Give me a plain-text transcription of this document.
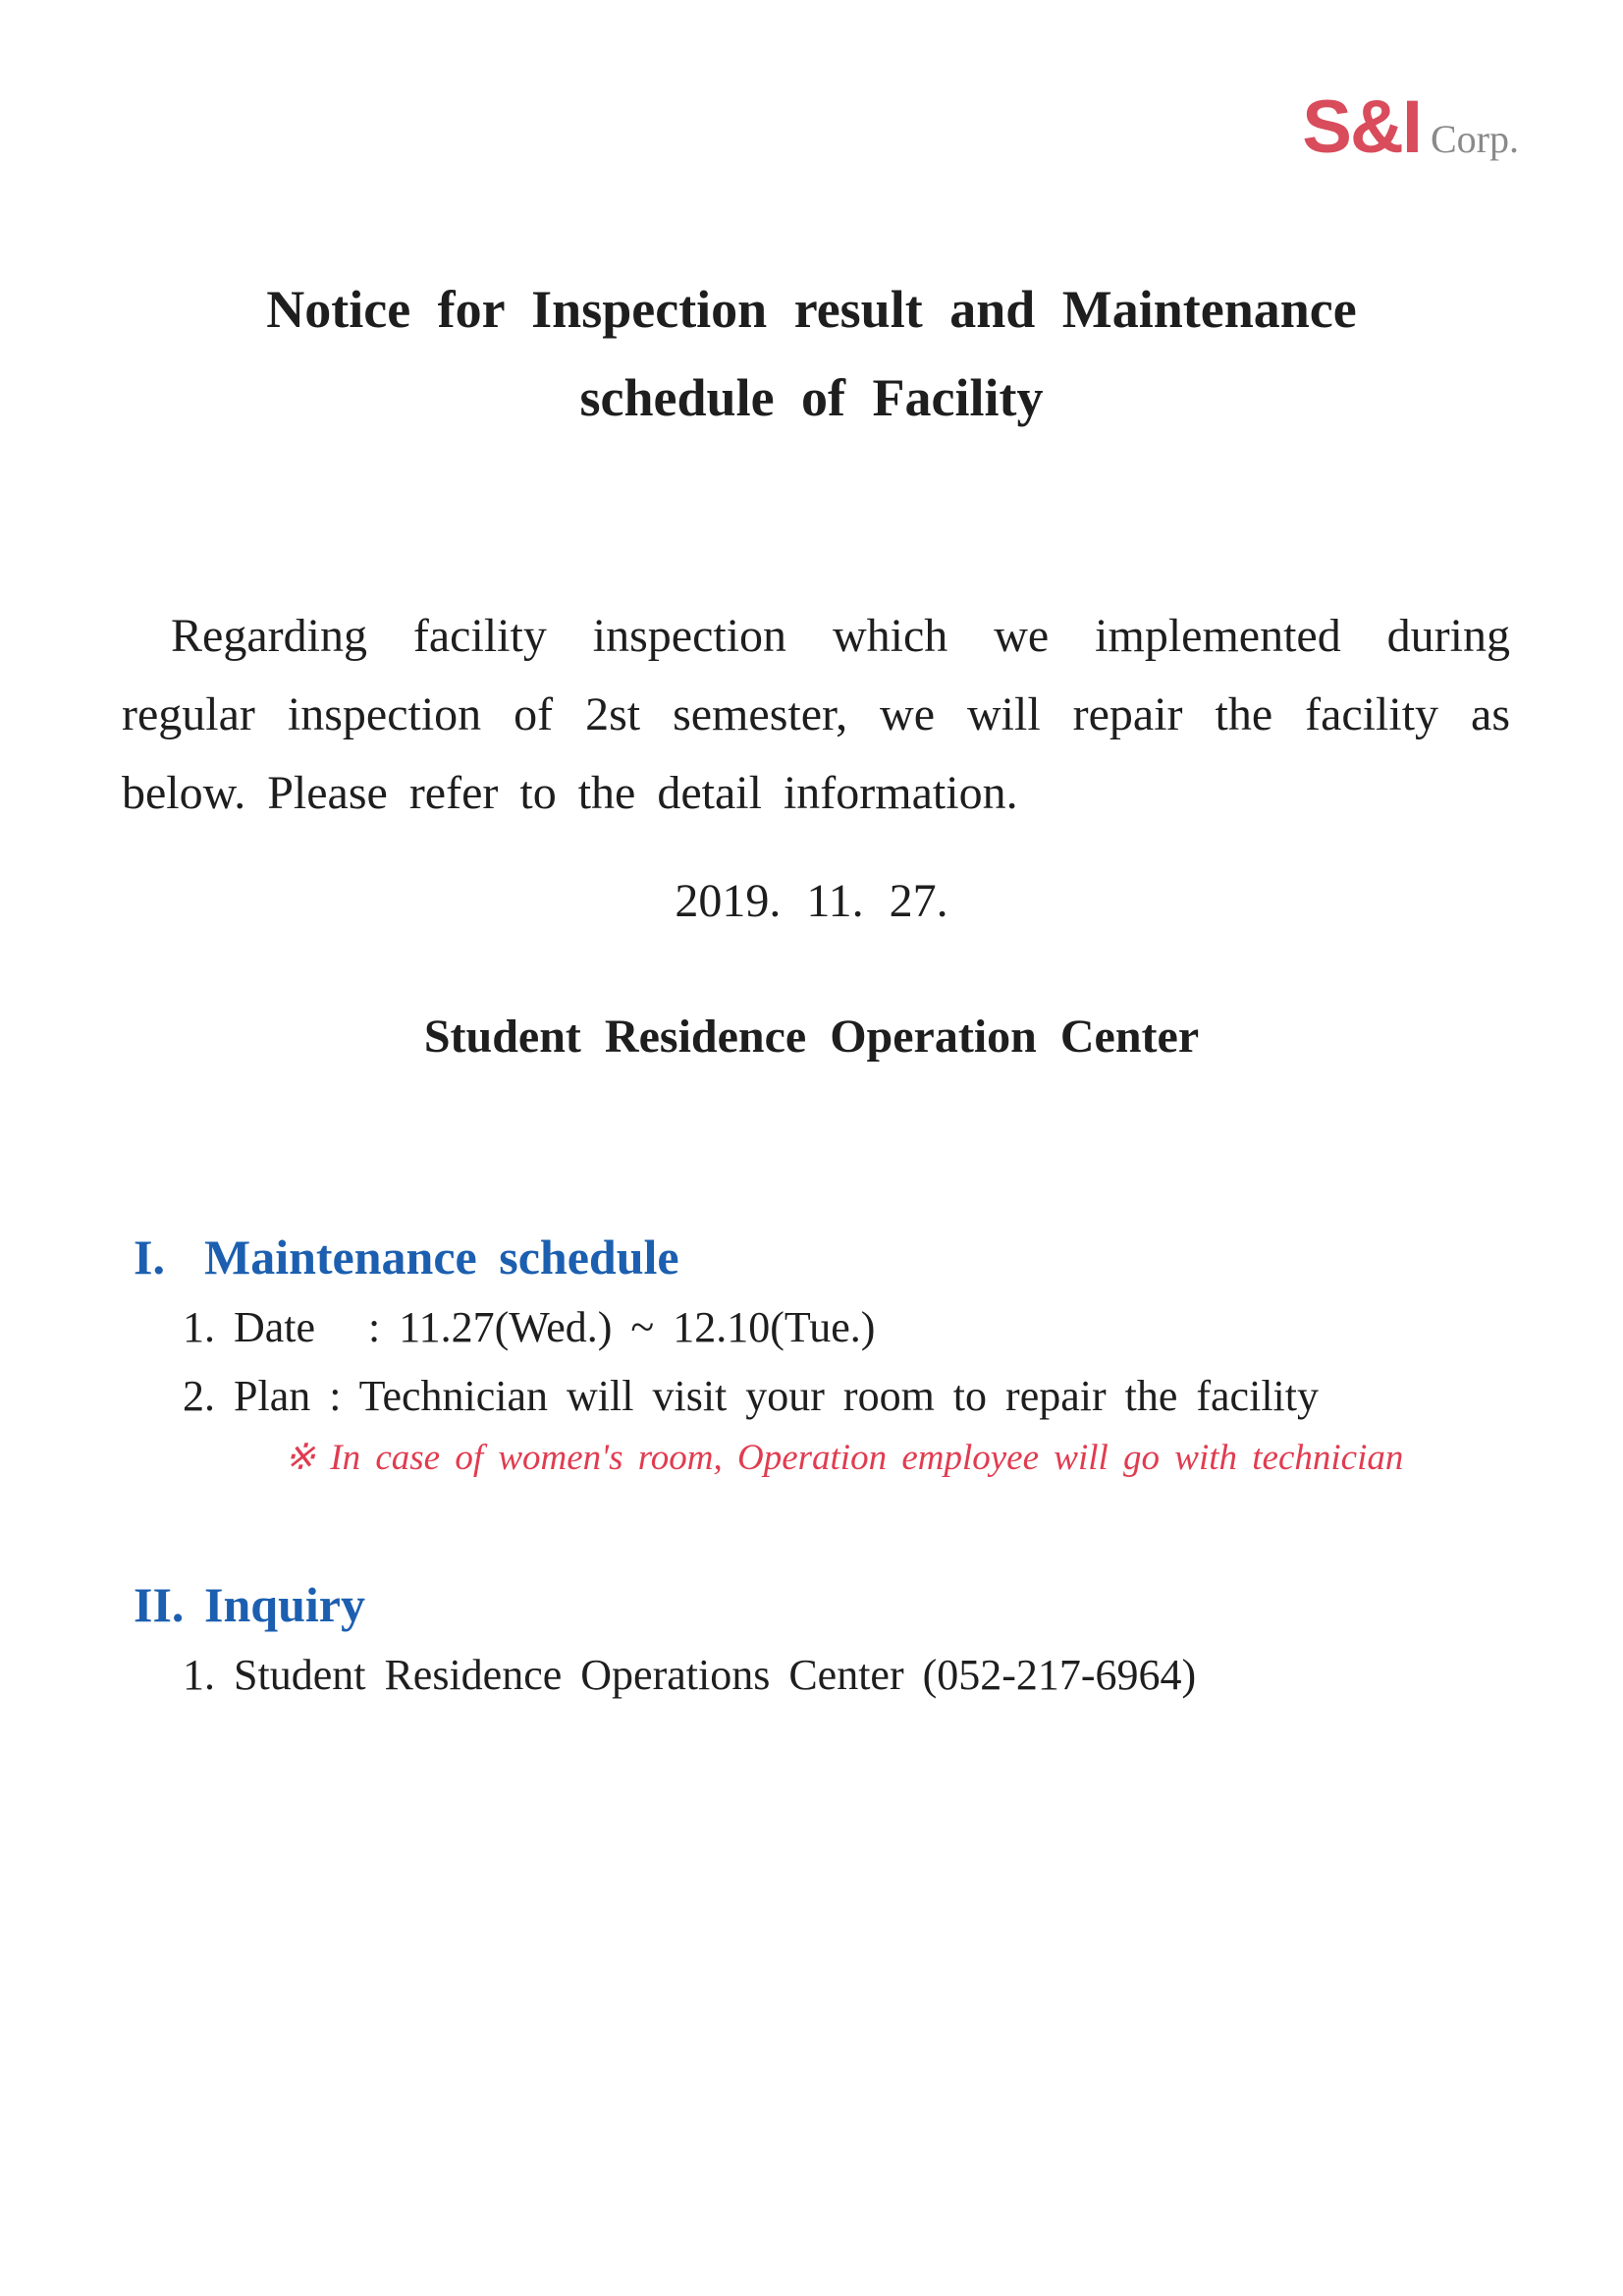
S&I Corp.
Notice for Inspection result and Maintenance
schedule of Facility

Regarding facility inspection which we implemented during regular inspection of 2st semester, we will repair the facility as below. Please refer to the detail information.

2019. 11. 27.
Student Residence Operation Center
I. Maintenance schedule
1. Date : 11.27(Wed.) ~ 12.10(Tue.)
2. Plan : Technician will visit your room to repair the facility
※ In case of women's room, Operation employee will go with technician
II. Inquiry
1. Student Residence Operations Center (052-217-6964)
